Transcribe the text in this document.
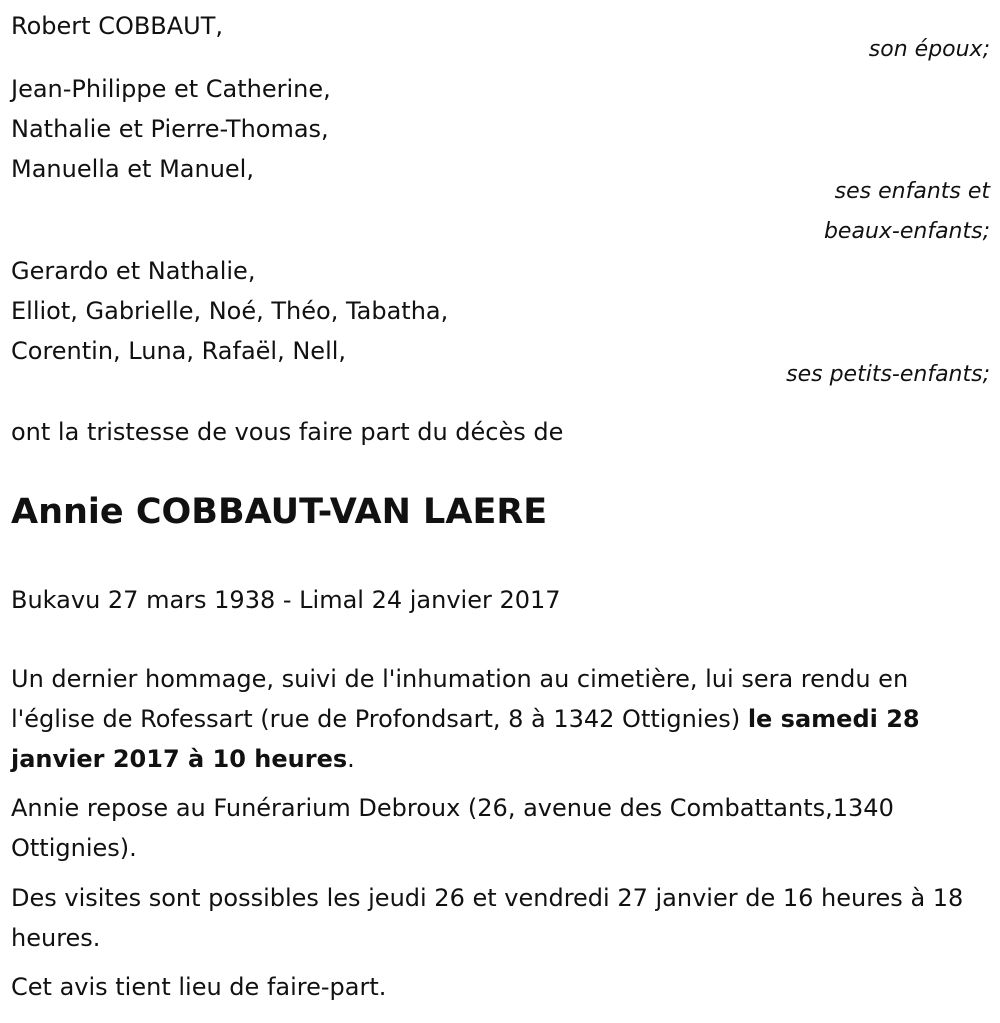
Robert COBBAUT,

son époux;

Jean-Philippe et Catherine,

Nathalie et Pierre-Thomas,

Manuella et Manuel,

ses enfants et

beaux-enfants;

Gerardo et Nathalie,

Elliot, Gabrielle, Noé, Théo, Tabatha,

Corentin, Luna, Rafaël, Nell,

ses petits-enfants;

ont la tristesse de vous faire part du décès de

Annie COBBAUT-VAN LAERE

Bukavu 27 mars 1938 - Limal 24 janvier 2017

Un dernier hommage, suivi de l'inhumation au cimetière, lui sera rendu en l'église de Rofessart (rue de Profondsart, 8 à 1342 Ottignies) le samedi 28 janvier 2017 à 10 heures.

Annie repose au Funérarium Debroux (26, avenue des Combattants,1340 Ottignies).

Des visites sont possibles les jeudi 26 et vendredi 27 janvier de 16 heures à 18 heures.

Cet avis tient lieu de faire-part.
